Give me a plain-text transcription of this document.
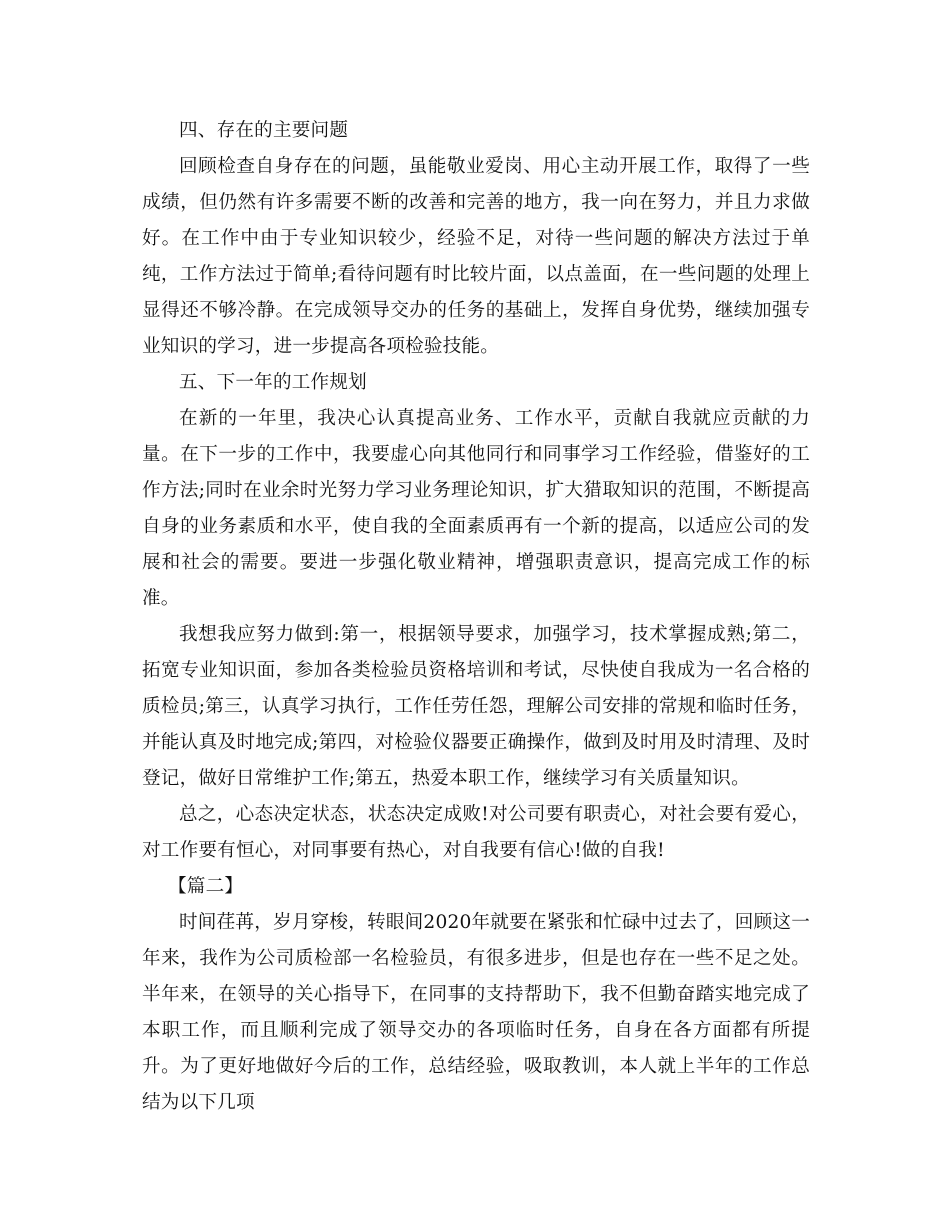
四、存在的主要问题

回顾检查自身存在的问题，虽能敬业爱岗、用心主动开展工作，取得了一些成绩，但仍然有许多需要不断的改善和完善的地方，我一向在努力，并且力求做好。在工作中由于专业知识较少，经验不足，对待一些问题的解决方法过于单纯，工作方法过于简单;看待问题有时比较片面，以点盖面，在一些问题的处理上显得还不够冷静。在完成领导交办的任务的基础上，发挥自身优势，继续加强专业知识的学习，进一步提高各项检验技能。

五、下一年的工作规划

在新的一年里，我决心认真提高业务、工作水平，贡献自我就应贡献的力量。在下一步的工作中，我要虚心向其他同行和同事学习工作经验，借鉴好的工作方法;同时在业余时光努力学习业务理论知识，扩大猎取知识的范围，不断提高自身的业务素质和水平，使自我的全面素质再有一个新的提高，以适应公司的发展和社会的需要。要进一步强化敬业精神，增强职责意识，提高完成工作的标准。

我想我应努力做到:第一，根据领导要求，加强学习，技术掌握成熟;第二，拓宽专业知识面，参加各类检验员资格培训和考试，尽快使自我成为一名合格的质检员;第三，认真学习执行，工作任劳任怨，理解公司安排的常规和临时任务，并能认真及时地完成;第四，对检验仪器要正确操作，做到及时用及时清理、及时登记，做好日常维护工作;第五，热爱本职工作，继续学习有关质量知识。

总之，心态决定状态，状态决定成败!对公司要有职责心，对社会要有爱心，对工作要有恒心，对同事要有热心，对自我要有信心!做的自我!

【篇二】

时间荏苒，岁月穿梭，转眼间2020年就要在紧张和忙碌中过去了，回顾这一年来，我作为公司质检部一名检验员，有很多进步，但是也存在一些不足之处。半年来，在领导的关心指导下，在同事的支持帮助下，我不但勤奋踏实地完成了本职工作，而且顺利完成了领导交办的各项临时任务，自身在各方面都有所提升。为了更好地做好今后的工作，总结经验，吸取教训，本人就上半年的工作总结为以下几项
